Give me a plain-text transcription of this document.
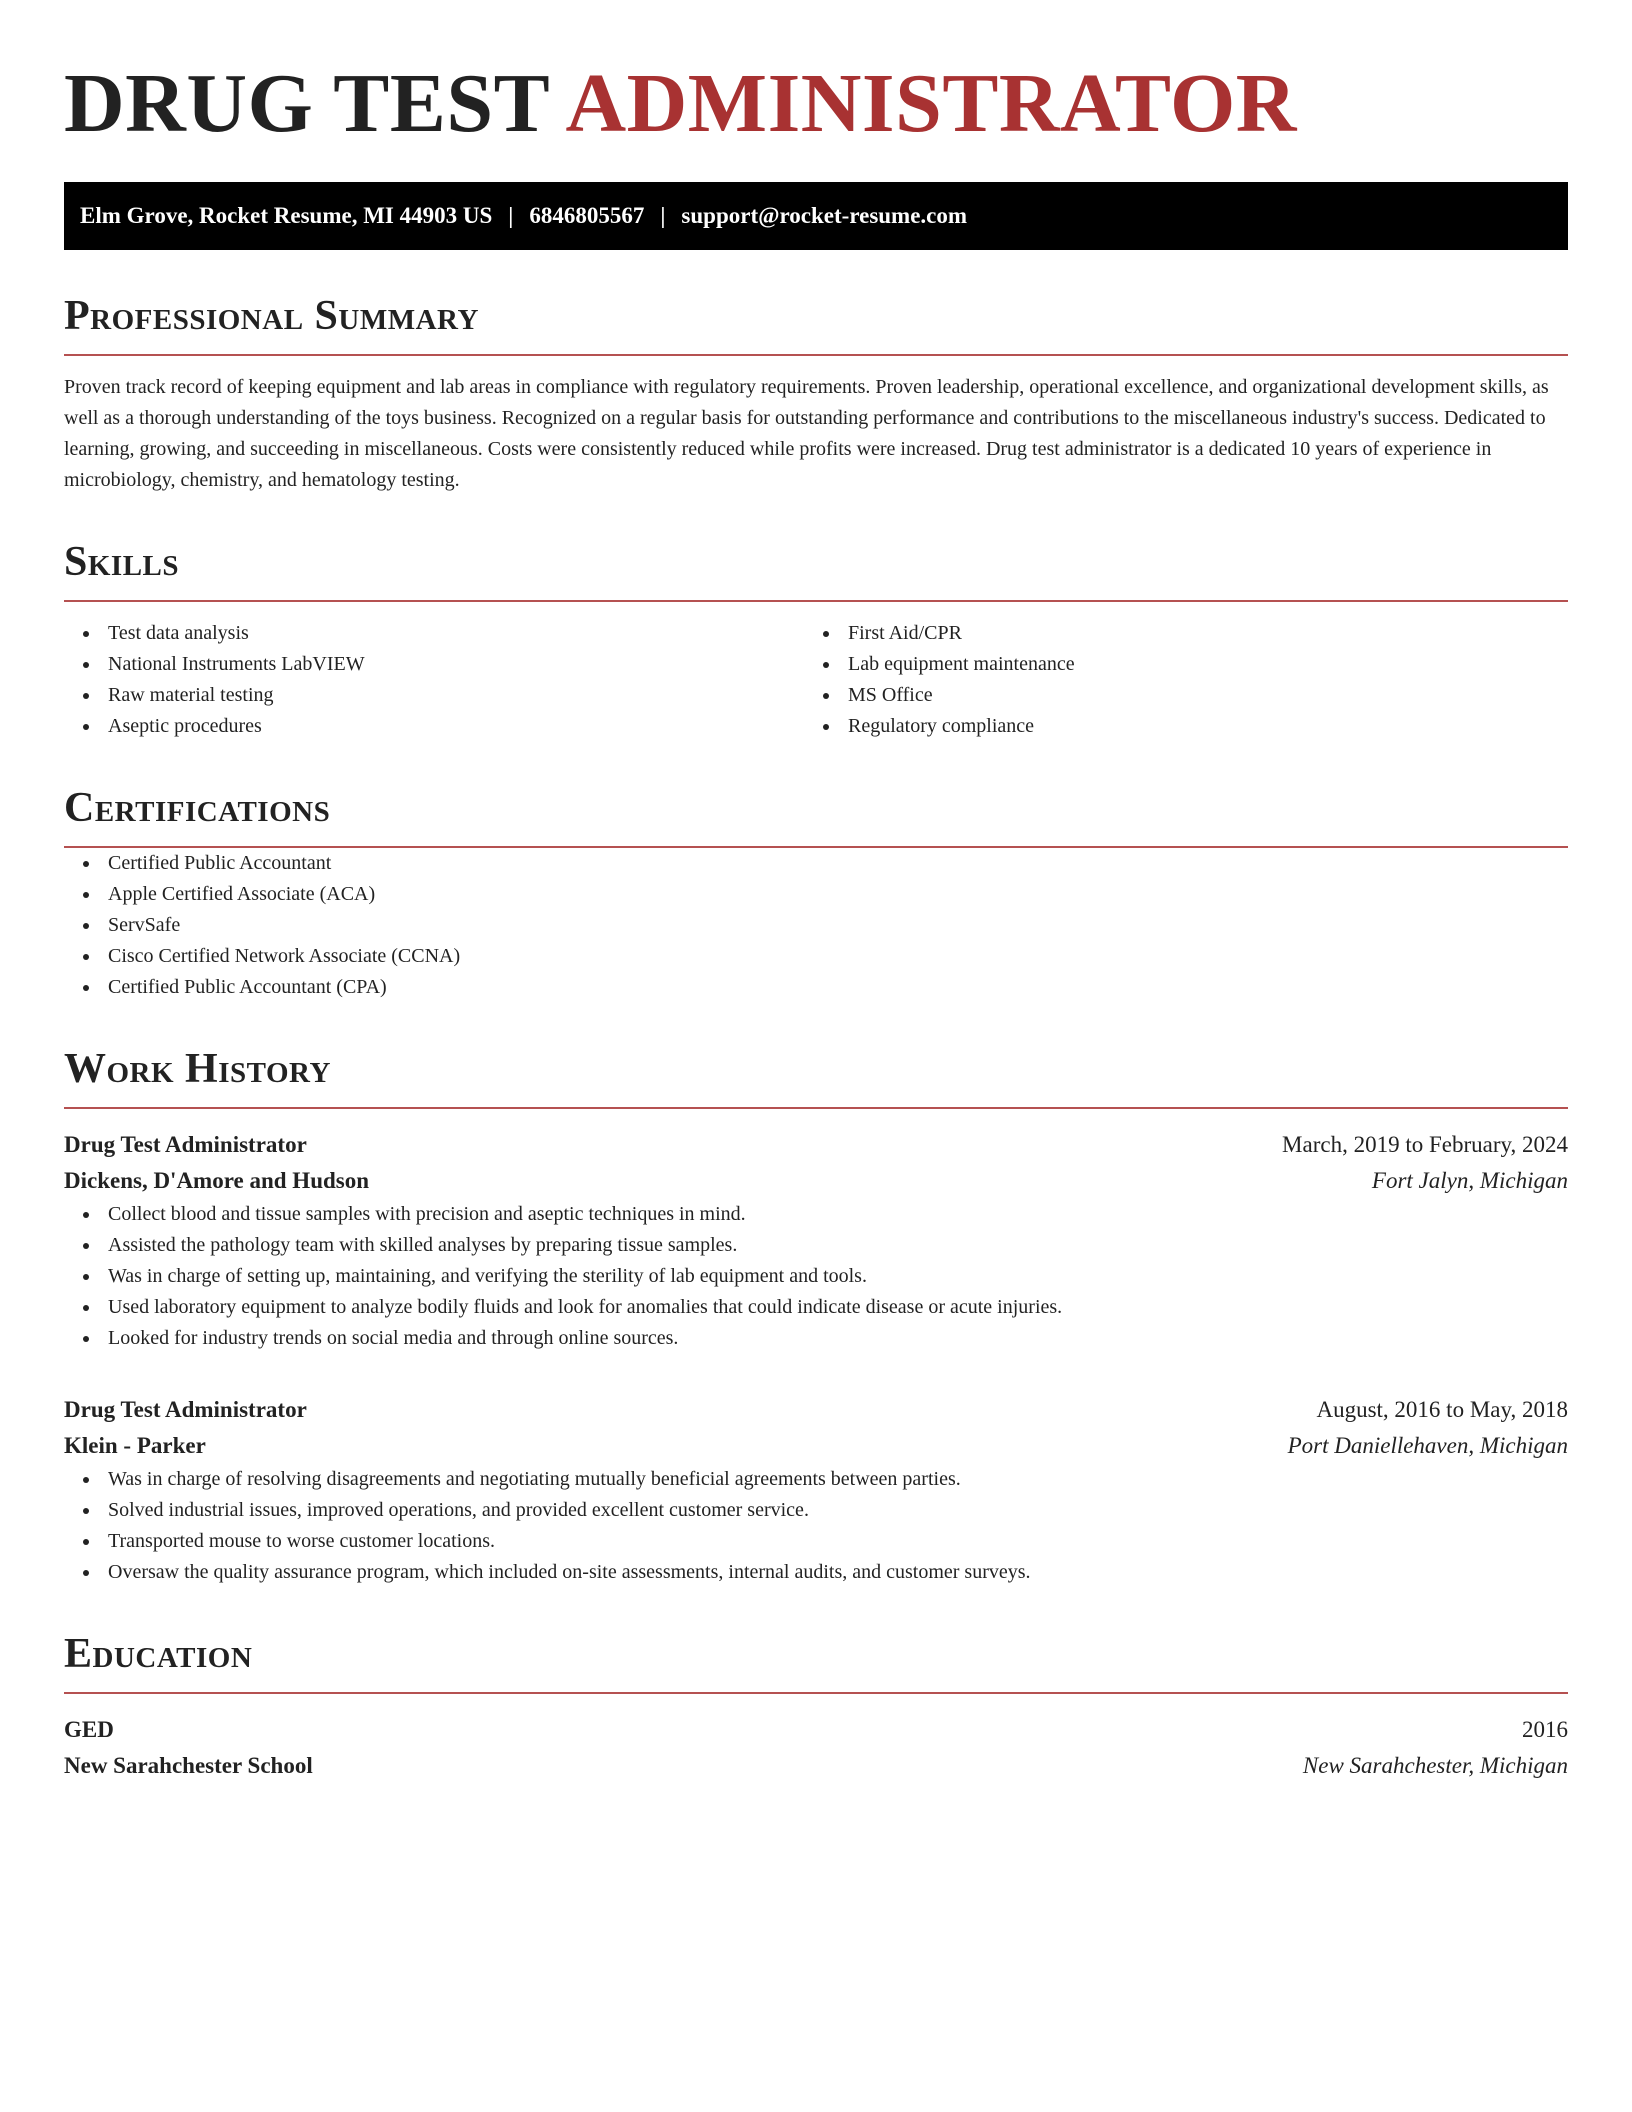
DRUG TEST ADMINISTRATOR
Elm Grove, Rocket Resume, MI 44903 US | 6846805567 | support@rocket-resume.com
Professional Summary

Proven track record of keeping equipment and lab areas in compliance with regulatory requirements. Proven leadership, operational excellence, and organizational development skills, as well as a thorough understanding of the toys business. Recognized on a regular basis for outstanding performance and contributions to the miscellaneous industry's success. Dedicated to learning, growing, and succeeding in miscellaneous. Costs were consistently reduced while profits were increased. Drug test administrator is a dedicated 10 years of experience in microbiology, chemistry, and hematology testing.

Skills
Test data analysis
National Instruments LabVIEW
Raw material testing
Aseptic procedures
First Aid/CPR
Lab equipment maintenance
MS Office
Regulatory compliance
Certifications
Certified Public Accountant
Apple Certified Associate (ACA)
ServSafe
Cisco Certified Network Associate (CCNA)
Certified Public Accountant (CPA)
Work History
Drug Test Administrator	March, 2019 to February, 2024
Dickens, D'Amore and Hudson	Fort Jalyn, Michigan
Collect blood and tissue samples with precision and aseptic techniques in mind.
Assisted the pathology team with skilled analyses by preparing tissue samples.
Was in charge of setting up, maintaining, and verifying the sterility of lab equipment and tools.
Used laboratory equipment to analyze bodily fluids and look for anomalies that could indicate disease or acute injuries.
Looked for industry trends on social media and through online sources.
Drug Test Administrator	August, 2016 to May, 2018
Klein - Parker	Port Daniellehaven, Michigan
Was in charge of resolving disagreements and negotiating mutually beneficial agreements between parties.
Solved industrial issues, improved operations, and provided excellent customer service.
Transported mouse to worse customer locations.
Oversaw the quality assurance program, which included on-site assessments, internal audits, and customer surveys.
Education
GED	2016
New Sarahchester School	New Sarahchester, Michigan
